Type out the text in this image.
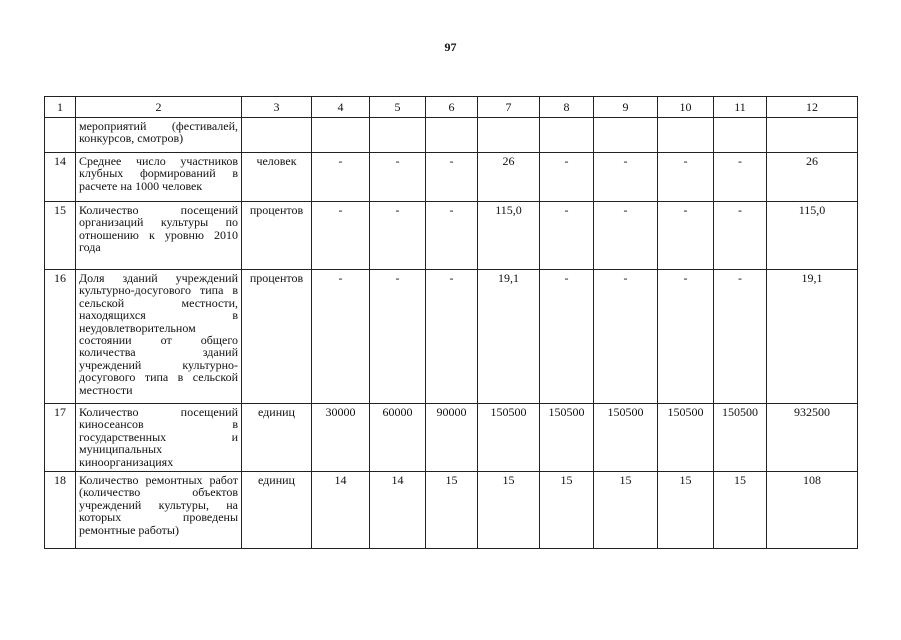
97
1	2	3	4	5	6	7	8	9	10	11	12
	мероприятий (фестивалей, конкурсов, смотров)										
14	Среднее число участников клубных формирований в расчете на 1000 человек	человек	-	-	-	26	-	-	-	-	26
15	Количество посещений организаций культуры по отношению к уровню 2010 года	процентов	-	-	-	115,0	-	-	-	-	115,0
16	Доля зданий учреждений культурно-досугового типа в сельской местности, находящихся в неудовлетворительном состоянии от общего количества зданий учреждений культурно-досугового типа в сельской местности	процентов	-	-	-	19,1	-	-	-	-	19,1
17	Количество посещений киносеансов в государственных и муниципальных киноорганизациях	единиц	30000	60000	90000	150500	150500	150500	150500	150500	932500
18	Количество ремонтных работ (количество объектов учреждений культуры, на которых проведены ремонтные работы)	единиц	14	14	15	15	15	15	15	15	108
